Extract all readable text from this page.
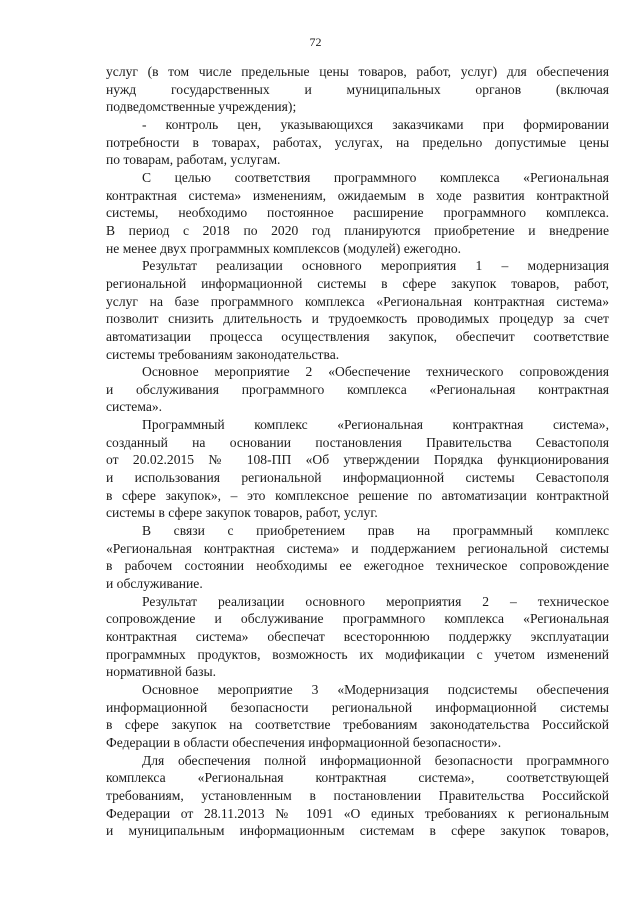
72
услуг (в том числе предельные цены товаров, работ, услуг) для обеспечения
нужд государственных и муниципальных органов (включая
подведомственные учреждения);
- контроль цен, указывающихся заказчиками при формировании
потребности в товарах, работах, услугах, на предельно допустимые цены
по товарам, работам, услугам.
С целью соответствия программного комплекса «Региональная
контрактная система» изменениям, ожидаемым в ходе развития контрактной
системы, необходимо постоянное расширение программного комплекса.
В период с 2018 по 2020 год планируются приобретение и внедрение
не менее двух программных комплексов (модулей) ежегодно.
Результат реализации основного мероприятия 1 – модернизация
региональной информационной системы в сфере закупок товаров, работ,
услуг на базе программного комплекса «Региональная контрактная система»
позволит снизить длительность и трудоемкость проводимых процедур за счет
автоматизации процесса осуществления закупок, обеспечит соответствие
системы требованиям законодательства.
Основное мероприятие 2 «Обеспечение технического сопровождения
и обслуживания программного комплекса «Региональная контрактная
система».
Программный комплекс «Региональная контрактная система»,
созданный на основании постановления Правительства Севастополя
от 20.02.2015 № 108-ПП «Об утверждении Порядка функционирования
и использования региональной информационной системы Севастополя
в сфере закупок», – это комплексное решение по автоматизации контрактной
системы в сфере закупок товаров, работ, услуг.
В связи с приобретением прав на программный комплекс
«Региональная контрактная система» и поддержанием региональной системы
в рабочем состоянии необходимы ее ежегодное техническое сопровождение
и обслуживание.
Результат реализации основного мероприятия 2 – техническое
сопровождение и обслуживание программного комплекса «Региональная
контрактная система» обеспечат всестороннюю поддержку эксплуатации
программных продуктов, возможность их модификации с учетом изменений
нормативной базы.
Основное мероприятие 3 «Модернизация подсистемы обеспечения
информационной безопасности региональной информационной системы
в сфере закупок на соответствие требованиям законодательства Российской
Федерации в области обеспечения информационной безопасности».
Для обеспечения полной информационной безопасности программного
комплекса «Региональная контрактная система», соответствующей
требованиям, установленным в постановлении Правительства Российской
Федерации от 28.11.2013 № 1091 «О единых требованиях к региональным
и муниципальным информационным системам в сфере закупок товаров,
